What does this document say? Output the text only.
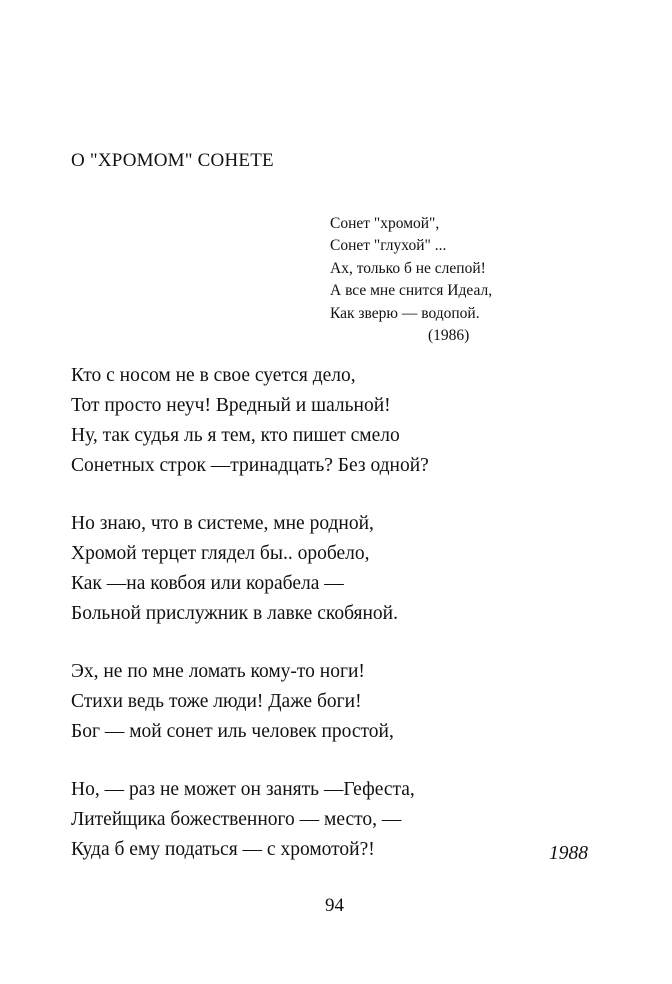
О "ХРОМОМ" СОНЕТЕ
Сонет "хромой",
Сонет "глухой" ...
Ах, только б не слепой!
А все мне снится Идеал,
Как зверю — водопой.
(1986)
Кто с носом не в свое суется дело,
Тот просто неуч! Вредный и шальной!
Ну, так судья ль я тем, кто пишет смело
Сонетных строк —тринадцать? Без одной?
Но знаю, что в системе, мне родной,
Хромой терцет глядел бы.. оробело,
Как —на ковбоя или корабела —
Больной прислужник в лавке скобяной.
Эх, не по мне ломать кому-то ноги!
Стихи ведь тоже люди! Даже боги!
Бог — мой сонет иль человек простой,
Но, — раз не может он занять —Гефеста,
Литейщика божественного — место, —
Куда б ему податься — с хромотой?!	1988
94
